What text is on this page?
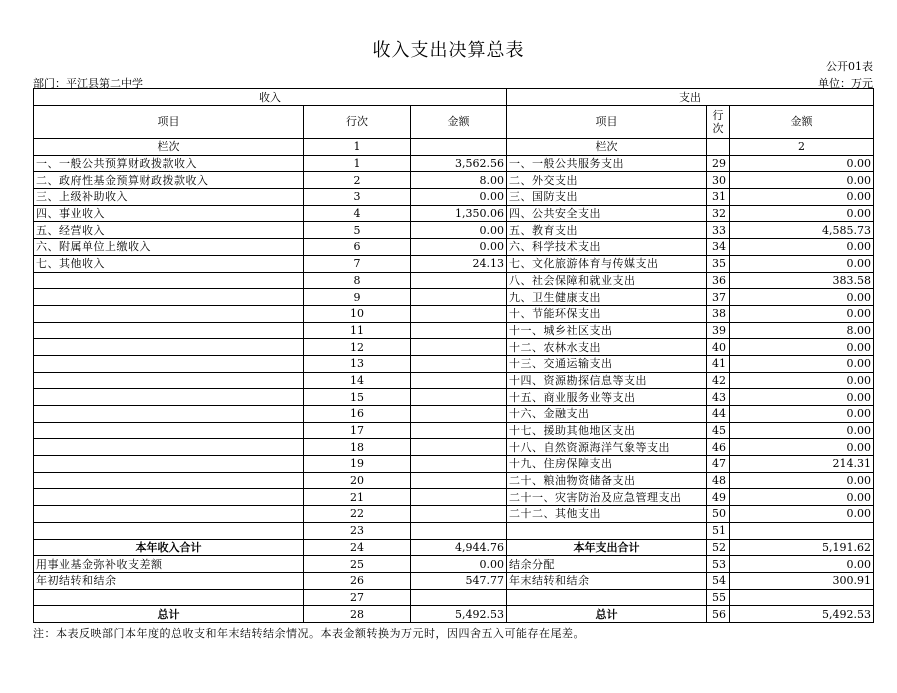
收入支出决算总表
公开01表
部门：平江县第二中学	单位：万元
收入			支出		
项目	行次	金额	项目	行次	金额
栏次	1		栏次		2
一、一般公共预算财政拨款收入	1	3,562.56	一、一般公共服务支出	29	0.00
二、政府性基金预算财政拨款收入	2	8.00	二、外交支出	30	0.00
三、上级补助收入	3	0.00	三、国防支出	31	0.00
四、事业收入	4	1,350.06	四、公共安全支出	32	0.00
五、经营收入	5	0.00	五、教育支出	33	4,585.73
六、附属单位上缴收入	6	0.00	六、科学技术支出	34	0.00
七、其他收入	7	24.13	七、文化旅游体育与传媒支出	35	0.00
	8		八、社会保障和就业支出	36	383.58
	9		九、卫生健康支出	37	0.00
	10		十、节能环保支出	38	0.00
	11		十一、城乡社区支出	39	8.00
	12		十二、农林水支出	40	0.00
	13		十三、交通运输支出	41	0.00
	14		十四、资源勘探信息等支出	42	0.00
	15		十五、商业服务业等支出	43	0.00
	16		十六、金融支出	44	0.00
	17		十七、援助其他地区支出	45	0.00
	18		十八、自然资源海洋气象等支出	46	0.00
	19		十九、住房保障支出	47	214.31
	20		二十、粮油物资储备支出	48	0.00
	21		二十一、灾害防治及应急管理支出	49	0.00
	22		二十二、其他支出	50	0.00
	23			51	
本年收入合计	24	4,944.76	本年支出合计	52	5,191.62
用事业基金弥补收支差额	25	0.00	结余分配	53	0.00
年初结转和结余	26	547.77	年末结转和结余	54	300.91
	27			55	
总计	28	5,492.53	总计	56	5,492.53
注：本表反映部门本年度的总收支和年末结转结余情况。本表金额转换为万元时，因四舍五入可能存在尾差。
